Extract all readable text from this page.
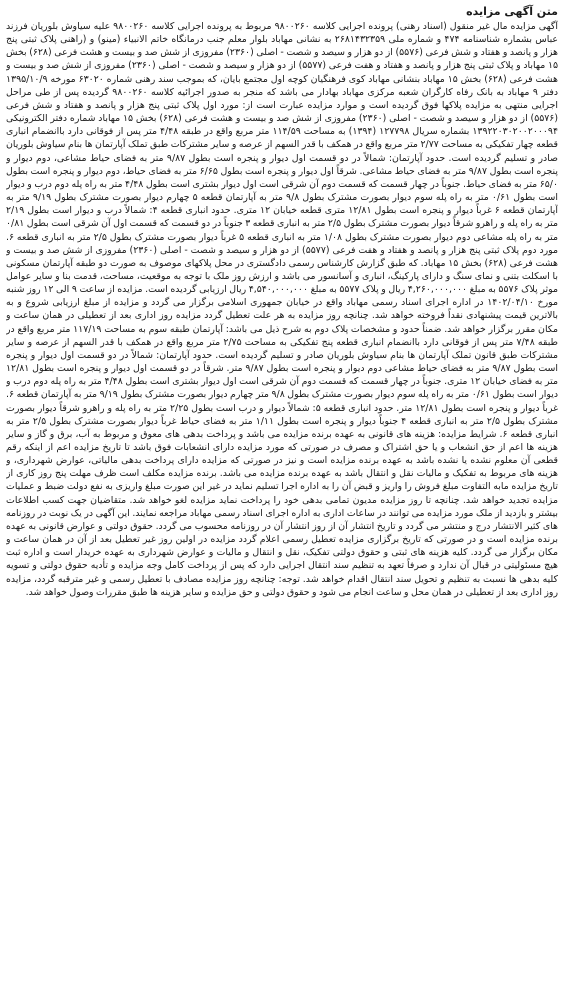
متن آگهی مزایده
آگهی مزایده مال غیر منقول (اسناد رهنی) پرونده اجرایی کلاسه ۹۸۰۰۲۶۰ مربوط به پرونده اجرایی کلاسه ۹۸۰۰۲۶۰ علیه سیاوش بلوریان فرزند عباس بشماره شناسنامه ۴۷۴ و شماره ملی ۲۶۸۱۴۳۲۳۵۹ به نشانی مهاباد بلوار معلم جنب درمانگاه خاتم الانبیاء (مینو) و (راهنی پلاک ثبتی پنج هزار و پانصد و هفتاد و شش فرعی (۵۵۷۶) از دو هزار و سیصد و شصت - اصلی (۲۳۶۰) مفروزی از شش صد و بیست و هشت فرعی (۶۲۸) بخش ۱۵ مهاباد و پلاک ثبتی پنج هزار و پانصد و هفتاد و هفت فرعی (۵۵۷۷) از دو هزار و سیصد و شصت - اصلی (۲۳۶۰) مفروزی از شش صد و بیست و هشت فرعی (۶۲۸) بخش ۱۵ مهاباد بنشانی مهاباد کوی فرهنگیان کوچه اول مجتمع بایان، که بموجب سند رهنی شماره ۶۳۰۲۰ مورخه ۱۳۹۵/۱۰/۹ دفتر ۹ مهاباد به بانک رفاه کارگران شعبه مرکزی مهاباد بهادار می باشد که منجر به صدور اجرائیه کلاسه ۹۸۰۰۲۶۰ گردیده پس از طی مراحل اجرایی منتهی به مزایده پلاکها فوق گردیده است و موارد مزایده عبارت است از: مورد اول پلاک ثبتی پنج هزار و پانصد و هفتاد و شش فرعی (۵۵۷۶) از دو هزار و سیصد و شصت - اصلی (۲۳۶۰) مفروزی از شش صد و بیست و هشت فرعی (۶۲۸) بخش ۱۵ مهاباد شماره دفتر الکترونیکی ۱۳۹۲۲۰۳۰۲۰۰۲۰۰۰۹۴ بشماره سریال ۱۲۷۷۹۸ (۱۳۹۴) به مساحت ۱۱۴/۵۹ متر مربع واقع در طبقه ۴/۴۸ متر پس از فوقانی دارد باانضمام انباری قطعه چهار تفکیکی به مساحت ۲/۷۷ متر مربع واقع در همکف با قدر السهم از عرصه و سایر مشترکات طبق تملک آپارتمان ها بنام سیاوش بلوریان صادر و تسلیم گردیده است. حدود آپارتمان: شمالاً در دو قسمت اول دیوار و پنجره است بطول ۹/۸۷ متر به فضای حیاط مشاعی، دوم دیوار و پنجره است بطول ۹/۸۷ متر به فضای حیاط مشاعی. شرقاً اول دیوار و پنجره است بطول ۶/۶۵ متر به فضای حیاط، دوم دیوار و پنجره است بطول ۶۵/۰ متر به فضای حیاط. جنوباً در چهار قسمت که قسمت دوم آن شرقی است اول دیوار بشتری است بطول ۴/۴۸ متر به راه پله دوم درب و دیوار است بطول ۰/۶۱ متر به راه پله سوم دیوار بصورت مشترک بطول ۹/۸ متر به آپارتمان قطعه ۵ چهارم دیوار بصورت مشترک بطول ۹/۱۹ متر به آپارتمان قطعه ۶ غرباً دیوار و پنجره است بطول ۱۲/۸۱ متری قطعه خیابان ۱۲ متری. حدود انباری قطعه ۴: شمالاً درب و دیوار است بطول ۲/۱۹ متر به راه پله و راهرو شرقاً دیوار بصورت مشترک بطول ۲/۵ متر به انباری قطعه ۳ جنوباً در دو قسمت که قسمت اول آن شرقی است بطول ۰/۸۱ متر به راه پله مشاعی دوم دیوار بصورت مشترک بطول ۱/۰۸ متر به انباری قطعه ۵ غرباً دیوار بصورت مشترک بطول ۲/۵ متر به انباری قطعه ۶. مورد دوم پلاک ثبتی پنج هزار و پانصد و هفتاد و هفت فرعی (۵۵۷۷) از دو هزار و سیصد و شصت - اصلی (۲۳۶۰) مفروزی از شش صد و بیست و هشت فرعی (۶۲۸) بخش ۱۵ مهاباد. که طبق گزارش کارشناس رسمی دادگستری در محل پلاکهای موصوف به صورت دو طبقه آپارتمان مسکونی با اسکلت بتنی و نمای سنگ و دارای پارکینگ، انباری و آسانسور می باشد و ارزش روز ملک با توجه به موقعیت، مساحت، قدمت بنا و سایر عوامل موثر پلاک ۵۵۷۶ به مبلغ ۴,۲۶۰,۰۰۰,۰۰۰ ریال و پلاک ۵۵۷۷ به مبلغ ۴,۵۴۰,۰۰۰,۰۰۰ ریال ارزیابی گردیده است. مزایده از ساعت ۹ الی ۱۲ روز شنبه مورخ ۱۴۰۲/۰۴/۱۰ در اداره اجرای اسناد رسمی مهاباد واقع در خیابان جمهوری اسلامی برگزار می گردد و مزایده از مبلغ ارزیابی شروع و به بالاترین قیمت پیشنهادی نقداً فروخته خواهد شد. چنانچه روز مزایده به هر علت تعطیل گردد مزایده روز اداری بعد از تعطیلی در همان ساعت و مکان مقرر برگزار خواهد شد. ضمناً حدود و مشخصات پلاک دوم به شرح ذیل می باشد: آپارتمان طبقه سوم به مساحت ۱۱۷/۱۹ متر مربع واقع در طبقه ۷/۴۸ متر پس از فوقانی دارد باانضمام انباری قطعه پنج تفکیکی به مساحت ۲/۷۵ متر مربع واقع در همکف با قدر السهم از عرصه و سایر مشترکات طبق قانون تملک آپارتمان ها بنام سیاوش بلوریان صادر و تسلیم گردیده است. حدود آپارتمان: شمالاً در دو قسمت اول دیوار و پنجره است بطول ۹/۸۷ متر به فضای حیاط مشاعی دوم دیوار و پنجره است بطول ۹/۸۷ متر. شرقاً در دو قسمت اول دیوار و پنجره است بطول ۱۲/۸۱ متر به فضای خیابان ۱۲ متری. جنوباً در چهار قسمت که قسمت دوم آن شرقی است اول دیوار بشتری است بطول ۴/۴۸ متر به راه پله دوم درب و دیوار است بطول ۰/۶۱ متر به راه پله سوم دیوار بصورت مشترک بطول ۹/۸ متر چهارم دیوار بصورت مشترک بطول ۹/۱۹ متر به آپارتمان قطعه ۶. غرباً دیوار و پنجره است بطول ۱۲/۸۱ متر. حدود انباری قطعه ۵: شمالاً دیوار و درب است بطول ۲/۲۵ متر به راه پله و راهرو شرقاً دیوار بصورت مشترک بطول ۲/۵ متر به انباری قطعه ۴ جنوباً دیوار و پنجره است بطول ۱/۱۱ متر به فضای حیاط غرباً دیوار بصورت مشترک بطول ۲/۵ متر به انباری قطعه ۶. شرایط مزایده: هزینه های قانونی به عهده برنده مزایده می باشد و پرداخت بدهی های معوق و مربوط به آب، برق و گاز و سایر هزینه ها اعم از حق انشعاب و یا حق اشتراک و مصرف در صورتی که مورد مزایده دارای انشعابات فوق باشد تا تاریخ مزایده اعم از اینکه رقم قطعی آن معلوم نشده یا نشده باشد به عهده برنده مزایده است و نیز در صورتی که مزایده دارای پرداخت بدهی مالیاتی، عوارض شهرداری، و هزینه های مربوط به تفکیک و مالیات نقل و انتقال باشد به عهده برنده مزایده می باشد. برنده مزایده مکلف است ظرف مهلت پنج روز کاری از تاریخ مزایده مابه التفاوت مبلغ فروش را واریز و قبض آن را به اداره اجرا تسلیم نماید در غیر این صورت مبلغ واریزی به نفع دولت ضبط و عملیات مزایده تجدید خواهد شد. چنانچه تا روز مزایده مدیون تمامی بدهی خود را پرداخت نماید مزایده لغو خواهد شد. متقاضیان جهت کسب اطلاعات بیشتر و بازدید از ملک مورد مزایده می توانند در ساعات اداری به اداره اجرای اسناد رسمی مهاباد مراجعه نمایند. این آگهی در یک نوبت در روزنامه های کثیر الانتشار درج و منتشر می گردد و تاریخ انتشار آن از روز انتشار آن در روزنامه محسوب می گردد. حقوق دولتی و عوارض قانونی به عهده برنده مزایده است و در صورتی که تاریخ برگزاری مزایده تعطیل رسمی اعلام گردد مزایده در اولین روز غیر تعطیل بعد از آن در همان ساعت و مکان برگزار می گردد. کلیه هزینه های ثبتی و حقوق دولتی تفکیک، نقل و انتقال و مالیات و عوارض شهرداری به عهده خریدار است و اداره ثبت هیچ مسئولیتی در قبال آن ندارد و صرفاً تعهد به تنظیم سند انتقال اجرایی دارد که پس از پرداخت کامل وجه مزایده و تأدیه حقوق دولتی و تسویه کلیه بدهی ها نسبت به تنظیم و تحویل سند انتقال اقدام خواهد شد. توجه: چنانچه روز مزایده مصادف با تعطیل رسمی و غیر مترقبه گردد، مزایده روز اداری بعد از تعطیلی در همان محل و ساعت انجام می شود و حقوق دولتی و حق مزایده و سایر هزینه ها طبق مقررات وصول خواهد شد.
